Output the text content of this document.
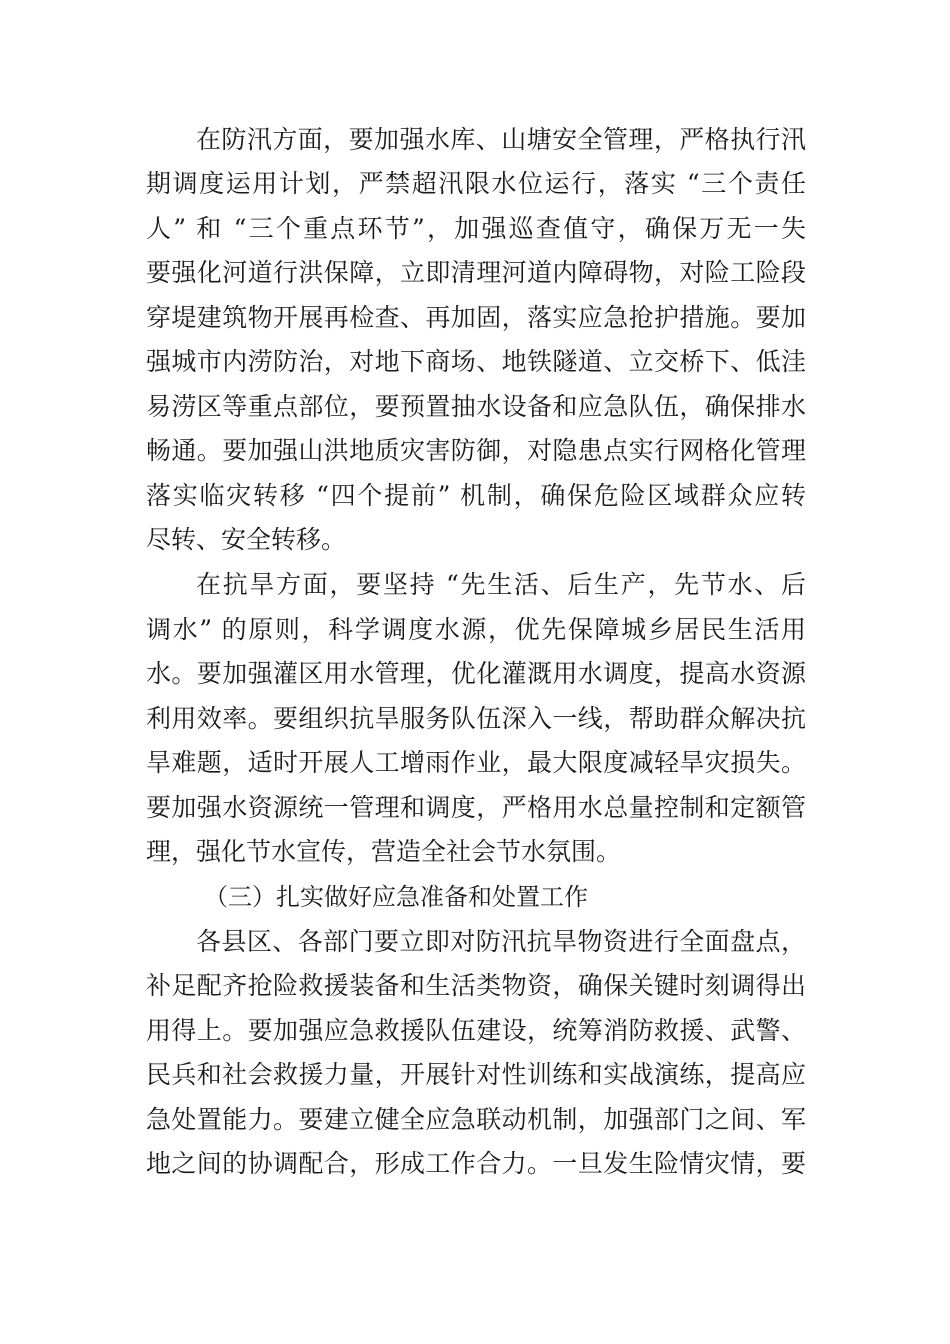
在防汛方面，要加强水库、山塘安全管理，严格执行汛
期调度运用计划，严禁超汛限水位运行，落实 “三个责任
人” 和 “三个重点环节”，加强巡查值守，确保万无一失
要强化河道行洪保障，立即清理河道内障碍物，对险工险段
穿堤建筑物开展再检查、再加固，落实应急抢护措施。要加
强城市内涝防治，对地下商场、地铁隧道、立交桥下、低洼
易涝区等重点部位，要预置抽水设备和应急队伍，确保排水
畅通。要加强山洪地质灾害防御，对隐患点实行网格化管理
落实临灾转移 “四个提前” 机制，确保危险区域群众应转
尽转、安全转移。
在抗旱方面，要坚持 “先生活、后生产，先节水、后
调水” 的原则，科学调度水源，优先保障城乡居民生活用
水。要加强灌区用水管理，优化灌溉用水调度，提高水资源
利用效率。要组织抗旱服务队伍深入一线，帮助群众解决抗
旱难题，适时开展人工增雨作业，最大限度减轻旱灾损失。
要加强水资源统一管理和调度，严格用水总量控制和定额管
理，强化节水宣传，营造全社会节水氛围。
（三）扎实做好应急准备和处置工作
各县区、各部门要立即对防汛抗旱物资进行全面盘点，
补足配齐抢险救援装备和生活类物资，确保关键时刻调得出
用得上。要加强应急救援队伍建设，统筹消防救援、武警、
民兵和社会救援力量，开展针对性训练和实战演练，提高应
急处置能力。要建立健全应急联动机制，加强部门之间、军
地之间的协调配合，形成工作合力。一旦发生险情灾情，要
